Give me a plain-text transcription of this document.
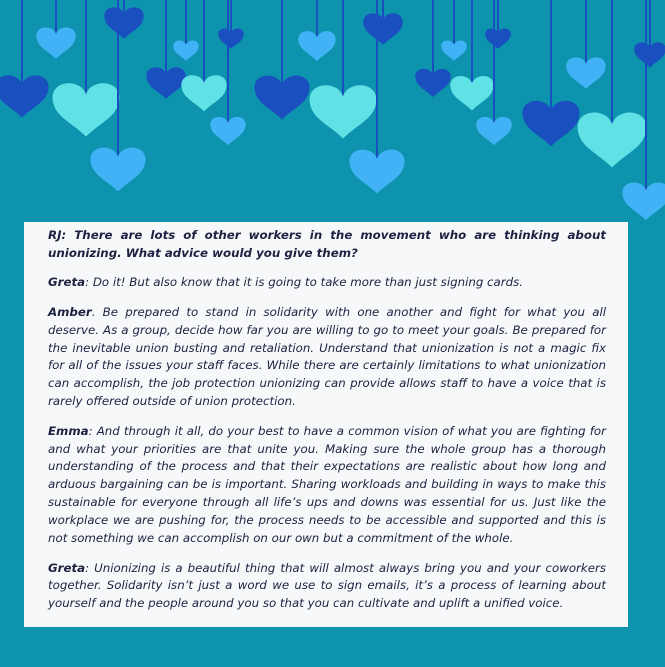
RJ: There are lots of other workers in the movement who are thinking about unionizing. What advice would you give them?

Greta: Do it! But also know that it is going to take more than just signing cards.

Amber. Be prepared to stand in solidarity with one another and fight for what you all deserve. As a group, decide how far you are willing to go to meet your goals. Be prepared for the inevitable union busting and retaliation. Understand that unionization is not a magic fix for all of the issues your staff faces. While there are certainly limitations to what unionization can accomplish, the job protection unionizing can provide allows staff to have a voice that is rarely offered outside of union protection.

Emma: And through it all, do your best to have a common vision of what you are fighting for and what your priorities are that unite you. Making sure the whole group has a thorough understanding of the process and that their expectations are realistic about how long and arduous bargaining can be is important. Sharing workloads and building in ways to make this sustainable for everyone through all life’s ups and downs was essential for us. Just like the workplace we are pushing for, the process needs to be accessible and supported and this is not something we can accomplish on our own but a commitment of the whole.

Greta: Unionizing is a beautiful thing that will almost always bring you and your coworkers together. Solidarity isn’t just a word we use to sign emails, it’s a process of learning about yourself and the people around you so that you can cultivate and uplift a unified voice.
